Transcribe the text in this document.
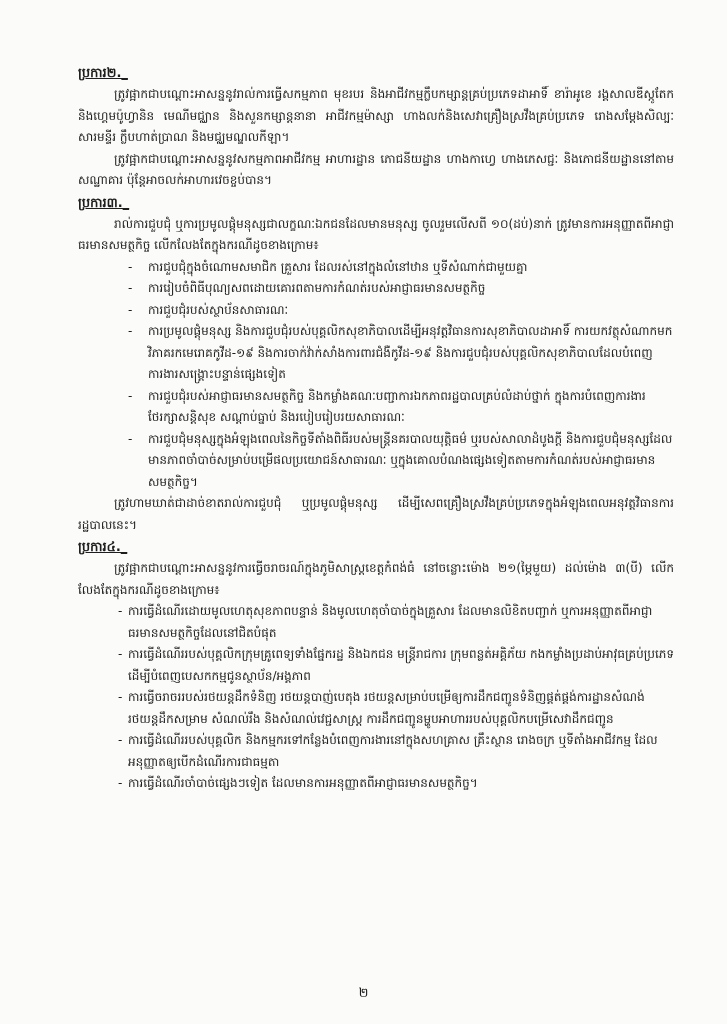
ប្រការ២._

ត្រូវផ្អាកជាបណ្តោះអាសន្ននូវរាល់ការធ្វើសកម្មភាព មុខរបរ និងអាជីវកម្មក្លឹបកម្សាន្តគ្រប់ប្រភេទដាអាទិ៍ ខារ៉ាអូខេ រង្គសាលឌីស្កូតែក និងហ្គេមប៉ូហ្វានិន មេណីមជ្ឈាន និងសួនកម្សាន្តនានា អាជីវកម្មម៉ាស្សា ហាងលក់និងសេវាគ្រឿងស្រវឹងគ្រប់ប្រភេទ រោងសម្តែងសិល្បៈ សារមន្ទីរ ក្លឹបហាត់ប្រាណ និងមជ្ឈមណ្ឌលកីឡា។

ត្រូវផ្អាកជាបណ្តោះអាសន្ននូវសកម្មភាពអាជីវកម្ម អាហារដ្ឋាន ភោជនីយដ្ឋាន ហាងកាហ្វេ ហាងភេសជ្ជៈ និងភោជនីយដ្ឋាននៅតាមសណ្ឋាគារ ប៉ុន្តែអាចលក់អាហារវេចខ្ចប់បាន។

ប្រការ៣._

រាល់ការជួបជុំ ឬការប្រមូលផ្តុំមនុស្សជាលក្ខណៈឯកជនដែលមានមនុស្ស ចូលរួមលើសពី ១០(ដប់)នាក់ ត្រូវមានការអនុញ្ញាតពីអាជ្ញាធរមានសមត្ថកិច្ច លើកលែងតែក្នុងករណីដូចខាងក្រោម៖

- ការជួបជុំក្នុងចំណោមសមាជិក គ្រួសារ ដែលរស់នៅក្នុងលំនៅឋាន ឬទីសំណាក់ជាមួយគ្នា
- ការរៀបចំពិធីបុណ្យសពដោយគោរពតាមការកំណត់របស់អាជ្ញាធរមានសមត្ថកិច្ច
- ការជួបជុំរបស់ស្ថាប័នសាធារណៈ
- ការប្រមូលផ្តុំមនុស្ស និងការជួបជុំរបស់បុគ្គលិកសុខាភិបាលដើម្បីអនុវត្តវិធានការសុខាភិបាលដាអាទិ៍ ការយកវត្ថុសំណាកមកវិភាគរកមេរោគកូវីដ-១៩ និងការចាក់វ៉ាក់សាំងការពារជំងឺកូវីដ-១៩ និងការជួបជុំរបស់បុគ្គលិកសុខាភិបាលដែលបំពេញការងារសង្គ្រោះបន្ទាន់ផ្សេងទៀត
- ការជួបជុំរបស់អាជ្ញាធរមានសមត្ថកិច្ច និងកម្លាំងគណៈបញ្ជាការឯកភាពរដ្ឋបាលគ្រប់លំដាប់ថ្នាក់ ក្នុងការបំពេញការងារថែរក្សាសន្តិសុខ សណ្តាប់ធ្នាប់ និងរបៀបរៀបរយសាធារណៈ
- ការជួបជុំមនុស្សក្នុងអំឡុងពេលនៃកិច្ចទីតាំងពិធីរបស់មន្ត្រីនគរបាលយុត្តិធម៌ ឬរបស់សាលាដំបូងក្តី និងការជួបជុំមនុស្សដែលមានភាពចាំបាច់សម្រាប់បម្រើផលប្រយោជន៍សាធារណៈ ឬក្នុងគោលបំណងផ្សេងទៀតតាមការកំណត់របស់អាជ្ញាធរមានសមត្ថកិច្ច។

ត្រូវហាមឃាត់ជាដាច់ខាតរាល់ការជួបជុំ ឬប្រមូលផ្តុំមនុស្ស ដើម្បីសេពគ្រឿងស្រវឹងគ្រប់ប្រភេទក្នុងអំឡុងពេលអនុវត្តវិធានការរដ្ឋបាលនេះ។

ប្រការ៤._

ត្រូវផ្អាកជាបណ្តោះអាសន្ននូវការធ្វើចរាចរណ៍ក្នុងភូមិសាស្ត្រខេត្តកំពង់ធំ នៅចន្លោះម៉ោង ២១(ម្ភៃមួយ) ដល់ម៉ោង ៣(បី) លើកលែងតែក្នុងករណីដូចខាងក្រោម៖

- ការធ្វើដំណើរដោយមូលហេតុសុខភាពបន្ទាន់ និងមូលហេតុចាំបាច់ក្នុងគ្រួសារ ដែលមានលិខិតបញ្ជាក់ ឬការអនុញ្ញាតពីអាជ្ញាធរមានសមត្ថកិច្ចដែលនៅជិតបំផុត
- ការធ្វើដំណើររបស់បុគ្គលិកក្រុមគ្រូពេទ្យទាំងផ្នែករដ្ឋ និងឯកជន មន្ត្រីរាជការ ក្រុមពន្លត់អគ្គិភ័យ កងកម្លាំងប្រដាប់អាវុធគ្រប់ប្រភេទដើម្បីបំពេញបេសកកម្មជូនស្ថាប័ន/អង្គភាព
- ការធ្វើចរាចររបស់រថយន្តដឹកទំនិញ រថយន្តបាញ់បេតុង រថយន្តសម្រាប់បម្រើឲ្យការដឹកជញ្ជូនទំនិញផ្គត់ផ្គង់ការដ្ឋានសំណង់ រថយន្តដឹកសម្រាម សំណល់រឹង និងសំណល់វេជ្ជសាស្ត្រ ការដឹកជញ្ជូនម្ហូបអាហាររបស់បុគ្គលិកបម្រើសេវាដឹកជញ្ជូន
- ការធ្វើដំណើររបស់បុគ្គលិក និងកម្មករទៅកន្លែងបំពេញការងារនៅក្នុងសហគ្រាស គ្រឹះស្ថាន រោងចក្រ ឬទីតាំងអាជីវកម្ម ដែលអនុញ្ញាតឲ្យបើកដំណើរការជាធម្មតា
- ការធ្វើដំណើរចាំបាច់ផ្សេងៗទៀត ដែលមានការអនុញ្ញាតពីអាជ្ញាធរមានសមត្ថកិច្ច។
២
